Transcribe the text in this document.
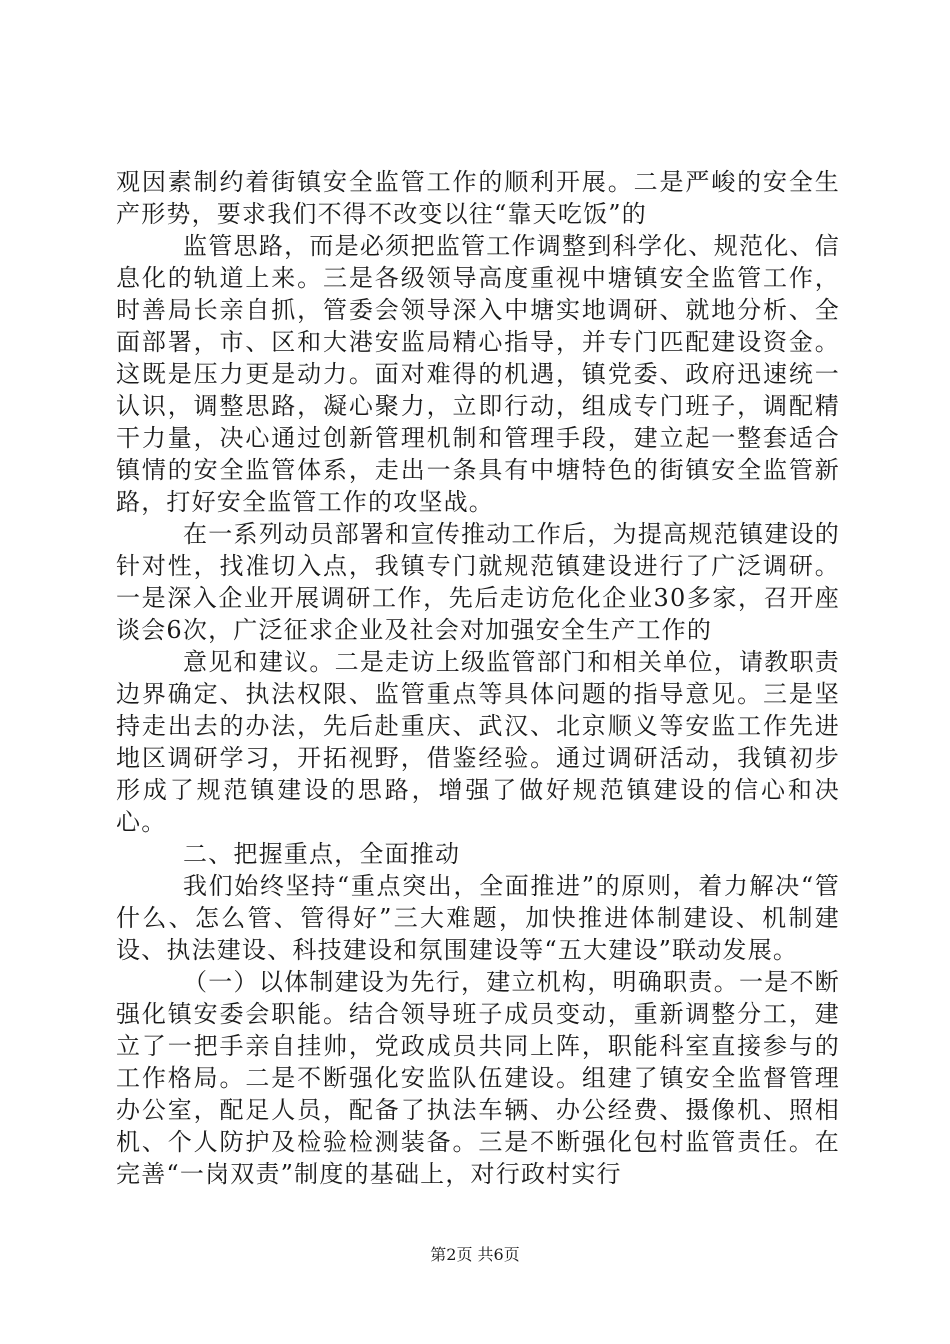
观因素制约着街镇安全监管工作的顺利开展。二是严峻的安全生产形势，要求我们不得不改变以往“靠天吃饭”的

监管思路，而是必须把监管工作调整到科学化、规范化、信息化的轨道上来。三是各级领导高度重视中塘镇安全监管工作，时善局长亲自抓，管委会领导深入中塘实地调研、就地分析、全面部署，市、区和大港安监局精心指导，并专门匹配建设资金。这既是压力更是动力。面对难得的机遇，镇党委、政府迅速统一认识，调整思路，凝心聚力，立即行动，组成专门班子，调配精干力量，决心通过创新管理机制和管理手段，建立起一整套适合镇情的安全监管体系，走出一条具有中塘特色的街镇安全监管新路，打好安全监管工作的攻坚战。

在一系列动员部署和宣传推动工作后，为提高规范镇建设的针对性，找准切入点，我镇专门就规范镇建设进行了广泛调研。一是深入企业开展调研工作，先后走访危化企业30多家，召开座谈会6次，广泛征求企业及社会对加强安全生产工作的

意见和建议。二是走访上级监管部门和相关单位，请教职责边界确定、执法权限、监管重点等具体问题的指导意见。三是坚持走出去的办法，先后赴重庆、武汉、北京顺义等安监工作先进地区调研学习，开拓视野，借鉴经验。通过调研活动，我镇初步形成了规范镇建设的思路，增强了做好规范镇建设的信心和决心。

二、把握重点，全面推动

我们始终坚持“重点突出，全面推进”的原则，着力解决“管什么、怎么管、管得好”三大难题，加快推进体制建设、机制建设、执法建设、科技建设和氛围建设等“五大建设”联动发展。

（一）以体制建设为先行，建立机构，明确职责。一是不断强化镇安委会职能。结合领导班子成员变动，重新调整分工，建立了一把手亲自挂帅，党政成员共同上阵，职能科室直接参与的工作格局。二是不断强化安监队伍建设。组建了镇安全监督管理办公室，配足人员，配备了执法车辆、办公经费、摄像机、照相机、个人防护及检验检测装备。三是不断强化包村监管责任。在完善“一岗双责”制度的基础上，对行政村实行

第2页 共6页
